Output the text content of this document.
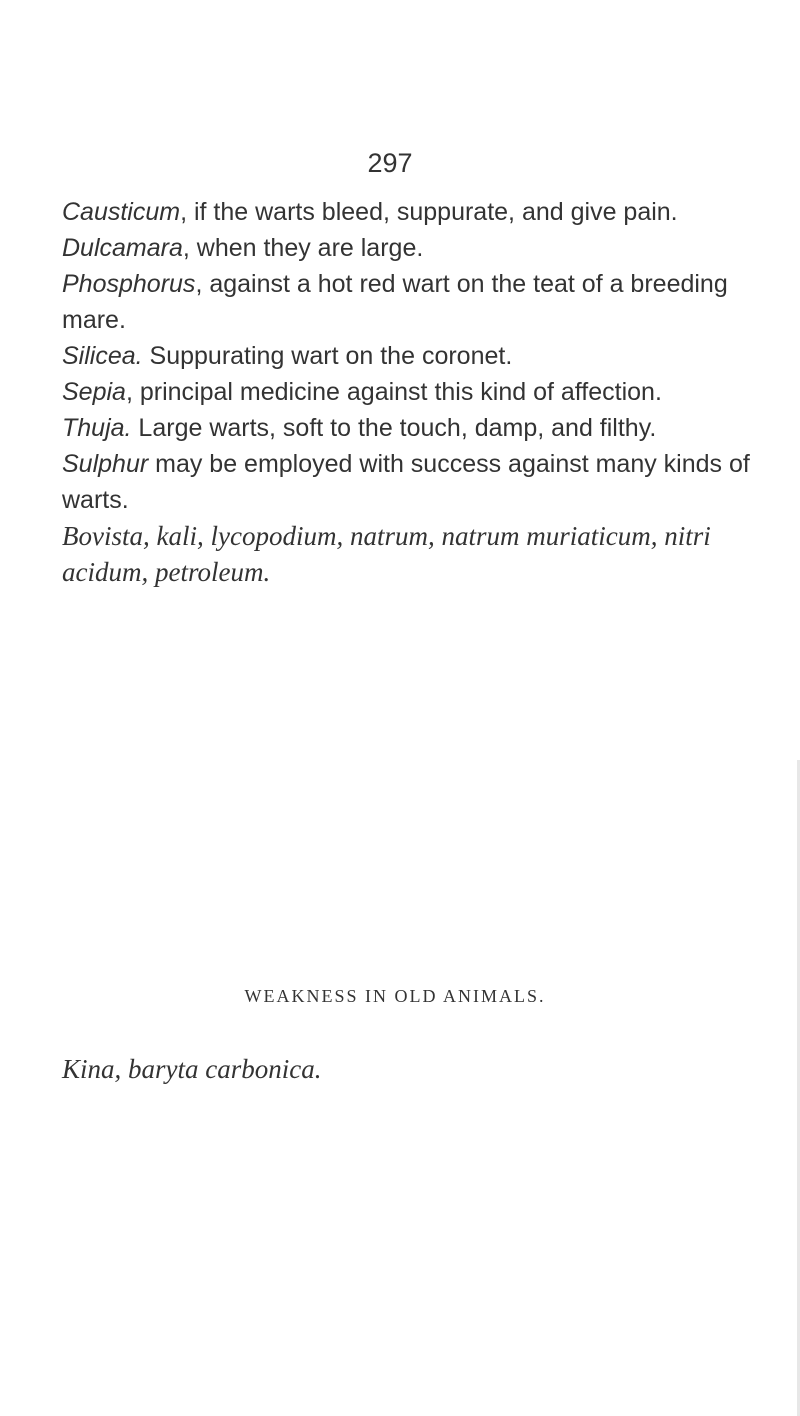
297

Causticum, if the warts bleed, suppurate, and give pain.

Dulcamara, when they are large.

Phosphorus, against a hot red wart on the teat of a breeding mare.

Silicea. Suppurating wart on the coronet.

Sepia, principal medicine against this kind of affection.

Thuja. Large warts, soft to the touch, damp, and filthy.

Sulphur may be employed with success against many kinds of warts.

Bovista, kali, lycopodium, natrum, natrum muriaticum, nitri acidum, petroleum.

WEAKNESS IN OLD ANIMALS.
Kina, baryta carbonica.
